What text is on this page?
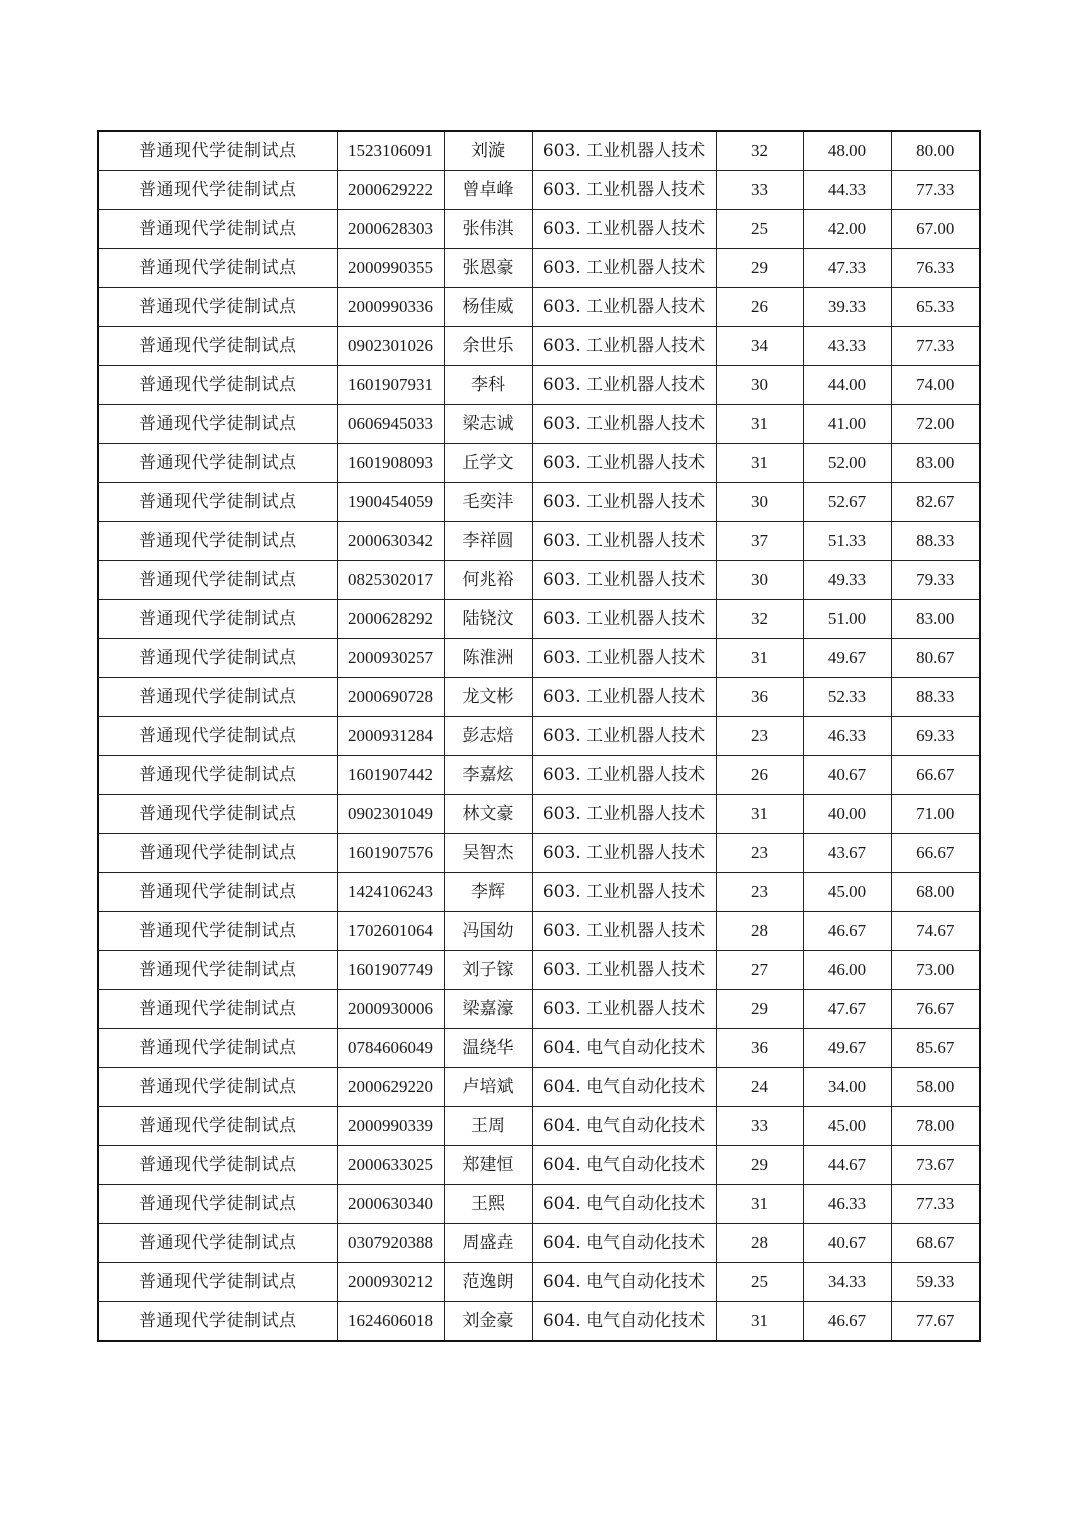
普通现代学徒制试点	1523106091	刘漩	603. 工业机器人技术	32	48.00	80.00
普通现代学徒制试点	2000629222	曾卓峰	603. 工业机器人技术	33	44.33	77.33
普通现代学徒制试点	2000628303	张伟淇	603. 工业机器人技术	25	42.00	67.00
普通现代学徒制试点	2000990355	张恩豪	603. 工业机器人技术	29	47.33	76.33
普通现代学徒制试点	2000990336	杨佳威	603. 工业机器人技术	26	39.33	65.33
普通现代学徒制试点	0902301026	余世乐	603. 工业机器人技术	34	43.33	77.33
普通现代学徒制试点	1601907931	李科	603. 工业机器人技术	30	44.00	74.00
普通现代学徒制试点	0606945033	梁志诚	603. 工业机器人技术	31	41.00	72.00
普通现代学徒制试点	1601908093	丘学文	603. 工业机器人技术	31	52.00	83.00
普通现代学徒制试点	1900454059	毛奕沣	603. 工业机器人技术	30	52.67	82.67
普通现代学徒制试点	2000630342	李祥圆	603. 工业机器人技术	37	51.33	88.33
普通现代学徒制试点	0825302017	何兆裕	603. 工业机器人技术	30	49.33	79.33
普通现代学徒制试点	2000628292	陆铙汶	603. 工业机器人技术	32	51.00	83.00
普通现代学徒制试点	2000930257	陈淮洲	603. 工业机器人技术	31	49.67	80.67
普通现代学徒制试点	2000690728	龙文彬	603. 工业机器人技术	36	52.33	88.33
普通现代学徒制试点	2000931284	彭志焙	603. 工业机器人技术	23	46.33	69.33
普通现代学徒制试点	1601907442	李嘉炫	603. 工业机器人技术	26	40.67	66.67
普通现代学徒制试点	0902301049	林文豪	603. 工业机器人技术	31	40.00	71.00
普通现代学徒制试点	1601907576	吴智杰	603. 工业机器人技术	23	43.67	66.67
普通现代学徒制试点	1424106243	李辉	603. 工业机器人技术	23	45.00	68.00
普通现代学徒制试点	1702601064	冯国幼	603. 工业机器人技术	28	46.67	74.67
普通现代学徒制试点	1601907749	刘子镓	603. 工业机器人技术	27	46.00	73.00
普通现代学徒制试点	2000930006	梁嘉濠	603. 工业机器人技术	29	47.67	76.67
普通现代学徒制试点	0784606049	温绕华	604. 电气自动化技术	36	49.67	85.67
普通现代学徒制试点	2000629220	卢培斌	604. 电气自动化技术	24	34.00	58.00
普通现代学徒制试点	2000990339	王周	604. 电气自动化技术	33	45.00	78.00
普通现代学徒制试点	2000633025	郑建恒	604. 电气自动化技术	29	44.67	73.67
普通现代学徒制试点	2000630340	王熙	604. 电气自动化技术	31	46.33	77.33
普通现代学徒制试点	0307920388	周盛垚	604. 电气自动化技术	28	40.67	68.67
普通现代学徒制试点	2000930212	范逸朗	604. 电气自动化技术	25	34.33	59.33
普通现代学徒制试点	1624606018	刘金豪	604. 电气自动化技术	31	46.67	77.67
